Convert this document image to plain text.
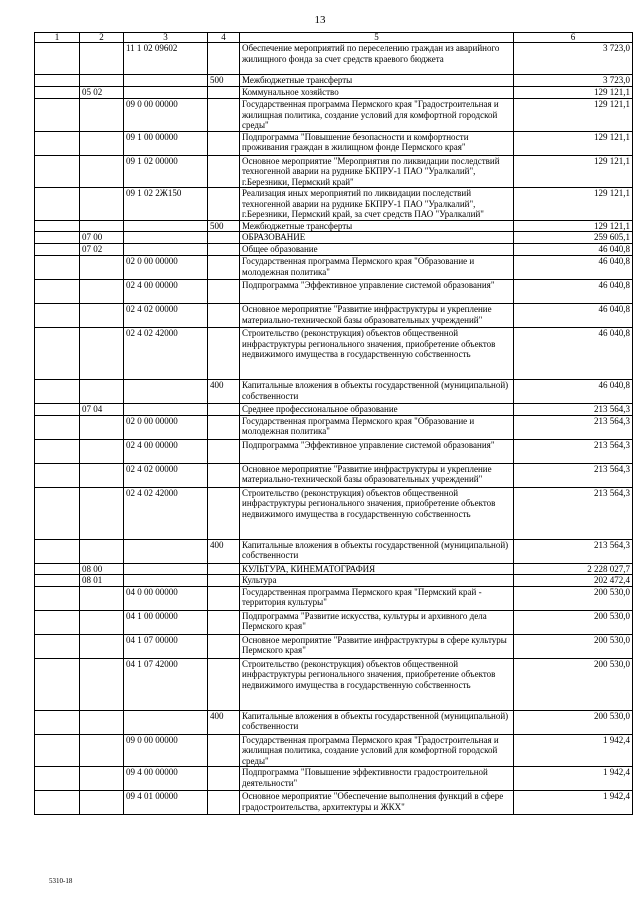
13
1	2	3	4	5	6
		11 1 02 09602		Обеспечение мероприятий по переселению граждан из аварийного жилищного фонда за счет средств краевого бюджета	3 723,0
			500	Межбюджетные трансферты	3 723,0
	05 02			Коммунальное хозяйство	129 121,1
		09 0 00 00000		Государственная программа Пермского края "Градостроительная и жилищная политика, создание условий для комфортной городской среды"	129 121,1
		09 1 00 00000		Подпрограмма "Повышение безопасности и комфортности проживания граждан в жилищном фонде Пермского края"	129 121,1
		09 1 02 00000		Основное мероприятие "Мероприятия по ликвидации последствий техногенной аварии на руднике БКПРУ-1 ПАО "Уралкалий", г.Березники, Пермский край"	129 121,1
		09 1 02 2Ж150		Реализация иных мероприятий по ликвидации последствий техногенной аварии на руднике БКПРУ-1 ПАО "Уралкалий", г.Березники, Пермский край, за счет средств ПАО "Уралкалий"	129 121,1
			500	Межбюджетные трансферты	129 121,1
	07 00			ОБРАЗОВАНИЕ	259 605,1
	07 02			Общее образование	46 040,8
		02 0 00 00000		Государственная программа Пермского края "Образование и молодежная политика"	46 040,8
		02 4 00 00000		Подпрограмма "Эффективное управление системой образования"	46 040,8
		02 4 02 00000		Основное мероприятие "Развитие инфраструктуры и укрепление материально-технической базы образовательных учреждений"	46 040,8
		02 4 02 42000		Строительство (реконструкция) объектов общественной инфраструктуры регионального значения, приобретение объектов недвижимого имущества в государственную собственность	46 040,8
			400	Капитальные вложения в объекты государственной (муниципальной) собственности	46 040,8
	07 04			Среднее профессиональное образование	213 564,3
		02 0 00 00000		Государственная программа Пермского края "Образование и молодежная политика"	213 564,3
		02 4 00 00000		Подпрограмма "Эффективное управление системой образования"	213 564,3
		02 4 02 00000		Основное мероприятие "Развитие инфраструктуры и укрепление материально-технической базы образовательных учреждений"	213 564,3
		02 4 02 42000		Строительство (реконструкция) объектов общественной инфраструктуры регионального значения, приобретение объектов недвижимого имущества в государственную собственность	213 564,3
			400	Капитальные вложения в объекты государственной (муниципальной) собственности	213 564,3
	08 00			КУЛЬТУРА, КИНЕМАТОГРАФИЯ	2 228 027,7
	08 01			Культура	202 472,4
		04 0 00 00000		Государственная программа Пермского края "Пермский край - территория культуры"	200 530,0
		04 1 00 00000		Подпрограмма "Развитие искусства, культуры и архивного дела Пермского края"	200 530,0
		04 1 07 00000		Основное мероприятие "Развитие инфраструктуры в сфере культуры Пермского края"	200 530,0
		04 1 07 42000		Строительство (реконструкция) объектов общественной инфраструктуры регионального значения, приобретение объектов недвижимого имущества в государственную собственность	200 530,0
			400	Капитальные вложения в объекты государственной (муниципальной) собственности	200 530,0
		09 0 00 00000		Государственная программа Пермского края "Градостроительная и жилищная политика, создание условий для комфортной городской среды"	1 942,4
		09 4 00 00000		Подпрограмма "Повышение эффективности градостроительной деятельности"	1 942,4
		09 4 01 00000		Основное мероприятие "Обеспечение выполнения функций в сфере градостроительства, архитектуры и ЖКХ"	1 942,4
5310-18
